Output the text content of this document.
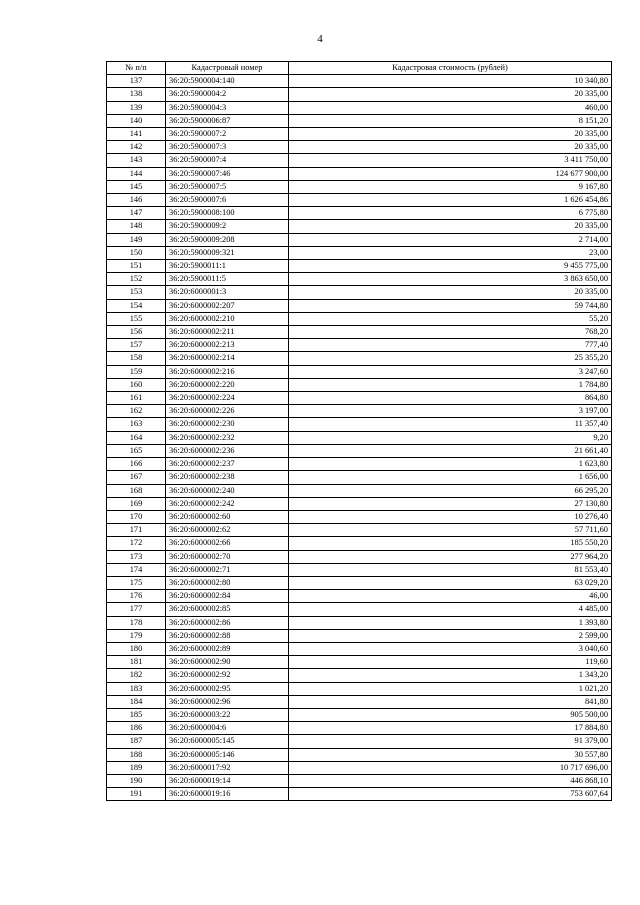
4
№ п/п	Кадастровый номер	Кадастровая стоимость (рублей)
137	36:20:5900004:140	10 340,80
138	36:20:5900004:2	20 335,00
139	36:20:5900004:3	460,00
140	36:20:5900006:87	8 151,20
141	36:20:5900007:2	20 335,00
142	36:20:5900007:3	20 335,00
143	36:20:5900007:4	3 411 750,00
144	36:20:5900007:46	124 677 900,00
145	36:20:5900007:5	9 167,80
146	36:20:5900007:6	1 626 454,86
147	36:20:5900008:100	6 775,80
148	36:20:5900009:2	20 335,00
149	36:20:5900009:208	2 714,00
150	36:20:5900009:321	23,00
151	36:20:5900011:1	9 455 775,00
152	36:20:5900011:5	3 863 650,00
153	36:20:6000001:3	20 335,00
154	36:20:6000002:207	59 744,80
155	36:20:6000002:210	55,20
156	36:20:6000002:211	768,20
157	36:20:6000002:213	777,40
158	36:20:6000002:214	25 355,20
159	36:20:6000002:216	3 247,60
160	36:20:6000002:220	1 784,80
161	36:20:6000002:224	864,80
162	36:20:6000002:226	3 197,00
163	36:20:6000002:230	11 357,40
164	36:20:6000002:232	9,20
165	36:20:6000002:236	21 661,40
166	36:20:6000002:237	1 623,80
167	36:20:6000002:238	1 656,00
168	36:20:6000002:240	66 295,20
169	36:20:6000002:242	27 130,80
170	36:20:6000002:60	10 276,40
171	36:20:6000002:62	57 711,60
172	36:20:6000002:66	185 550,20
173	36:20:6000002:70	277 964,20
174	36:20:6000002:71	81 553,40
175	36:20:6000002:80	63 029,20
176	36:20:6000002:84	46,00
177	36:20:6000002:85	4 485,00
178	36:20:6000002:86	1 393,80
179	36:20:6000002:88	2 599,00
180	36:20:6000002:89	3 040,60
181	36:20:6000002:90	119,60
182	36:20:6000002:92	1 343,20
183	36:20:6000002:95	1 021,20
184	36:20:6000002:96	841,80
185	36:20:6000003:22	905 500,00
186	36:20:6000004:6	17 884,80
187	36:20:6000005:145	91 379,00
188	36:20:6000005:146	30 557,80
189	36:20:6000017:92	10 717 696,00
190	36:20:6000019:14	446 868,10
191	36:20:6000019:16	753 607,64
